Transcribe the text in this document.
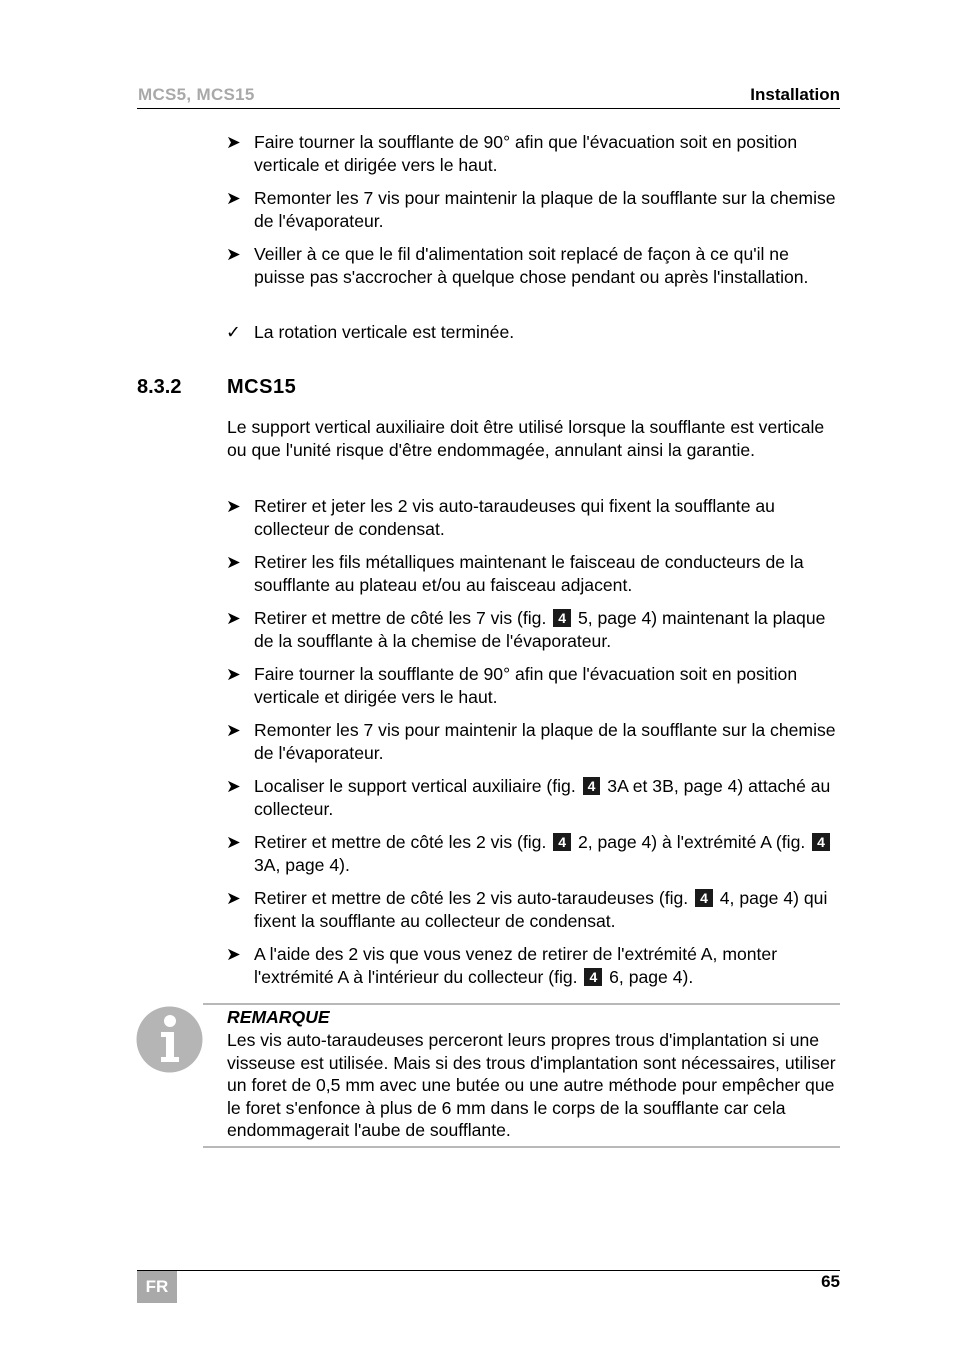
MCS5, MCS15	Installation
➤ Faire tourner la soufflante de 90° afin que l'évacuation soit en position verticale et dirigée vers le haut.
➤ Remonter les 7 vis pour maintenir la plaque de la soufflante sur la chemise de l'évaporateur.
➤ Veiller à ce que le fil d'alimentation soit replacé de façon à ce qu'il ne puisse pas s'accrocher à quelque chose pendant ou après l'installation.
✓ La rotation verticale est terminée.
8.3.2 MCS15
Le support vertical auxiliaire doit être utilisé lorsque la soufflante est verticale ou que l'unité risque d'être endommagée, annulant ainsi la garantie.
➤ Retirer et jeter les 2 vis auto-taraudeuses qui fixent la soufflante au collecteur de condensat.
➤ Retirer les fils métalliques maintenant le faisceau de conducteurs de la soufflante au plateau et/ou au faisceau adjacent.
➤ Retirer et mettre de côté les 7 vis (fig. 4 5, page 4) maintenant la plaque de la soufflante à la chemise de l'évaporateur.
➤ Faire tourner la soufflante de 90° afin que l'évacuation soit en position verticale et dirigée vers le haut.
➤ Remonter les 7 vis pour maintenir la plaque de la soufflante sur la chemise de l'évaporateur.
➤ Localiser le support vertical auxiliaire (fig. 4 3A et 3B, page 4) attaché au collecteur.
➤ Retirer et mettre de côté les 2 vis (fig. 4 2, page 4) à l'extrémité A (fig. 4 3A, page 4).
➤ Retirer et mettre de côté les 2 vis auto-taraudeuses (fig. 4 4, page 4) qui fixent la soufflante au collecteur de condensat.
➤ A l'aide des 2 vis que vous venez de retirer de l'extrémité A, monter l'extrémité A à l'intérieur du collecteur (fig. 4 6, page 4).
REMARQUE
Les vis auto-taraudeuses perceront leurs propres trous d'implantation si une visseuse est utilisée. Mais si des trous d'implantation sont nécessaires, utiliser un foret de 0,5 mm avec une butée ou une autre méthode pour empêcher que le foret s'enfonce à plus de 6 mm dans le corps de la soufflante car cela endommagerait l'aube de soufflante.
FR	65
